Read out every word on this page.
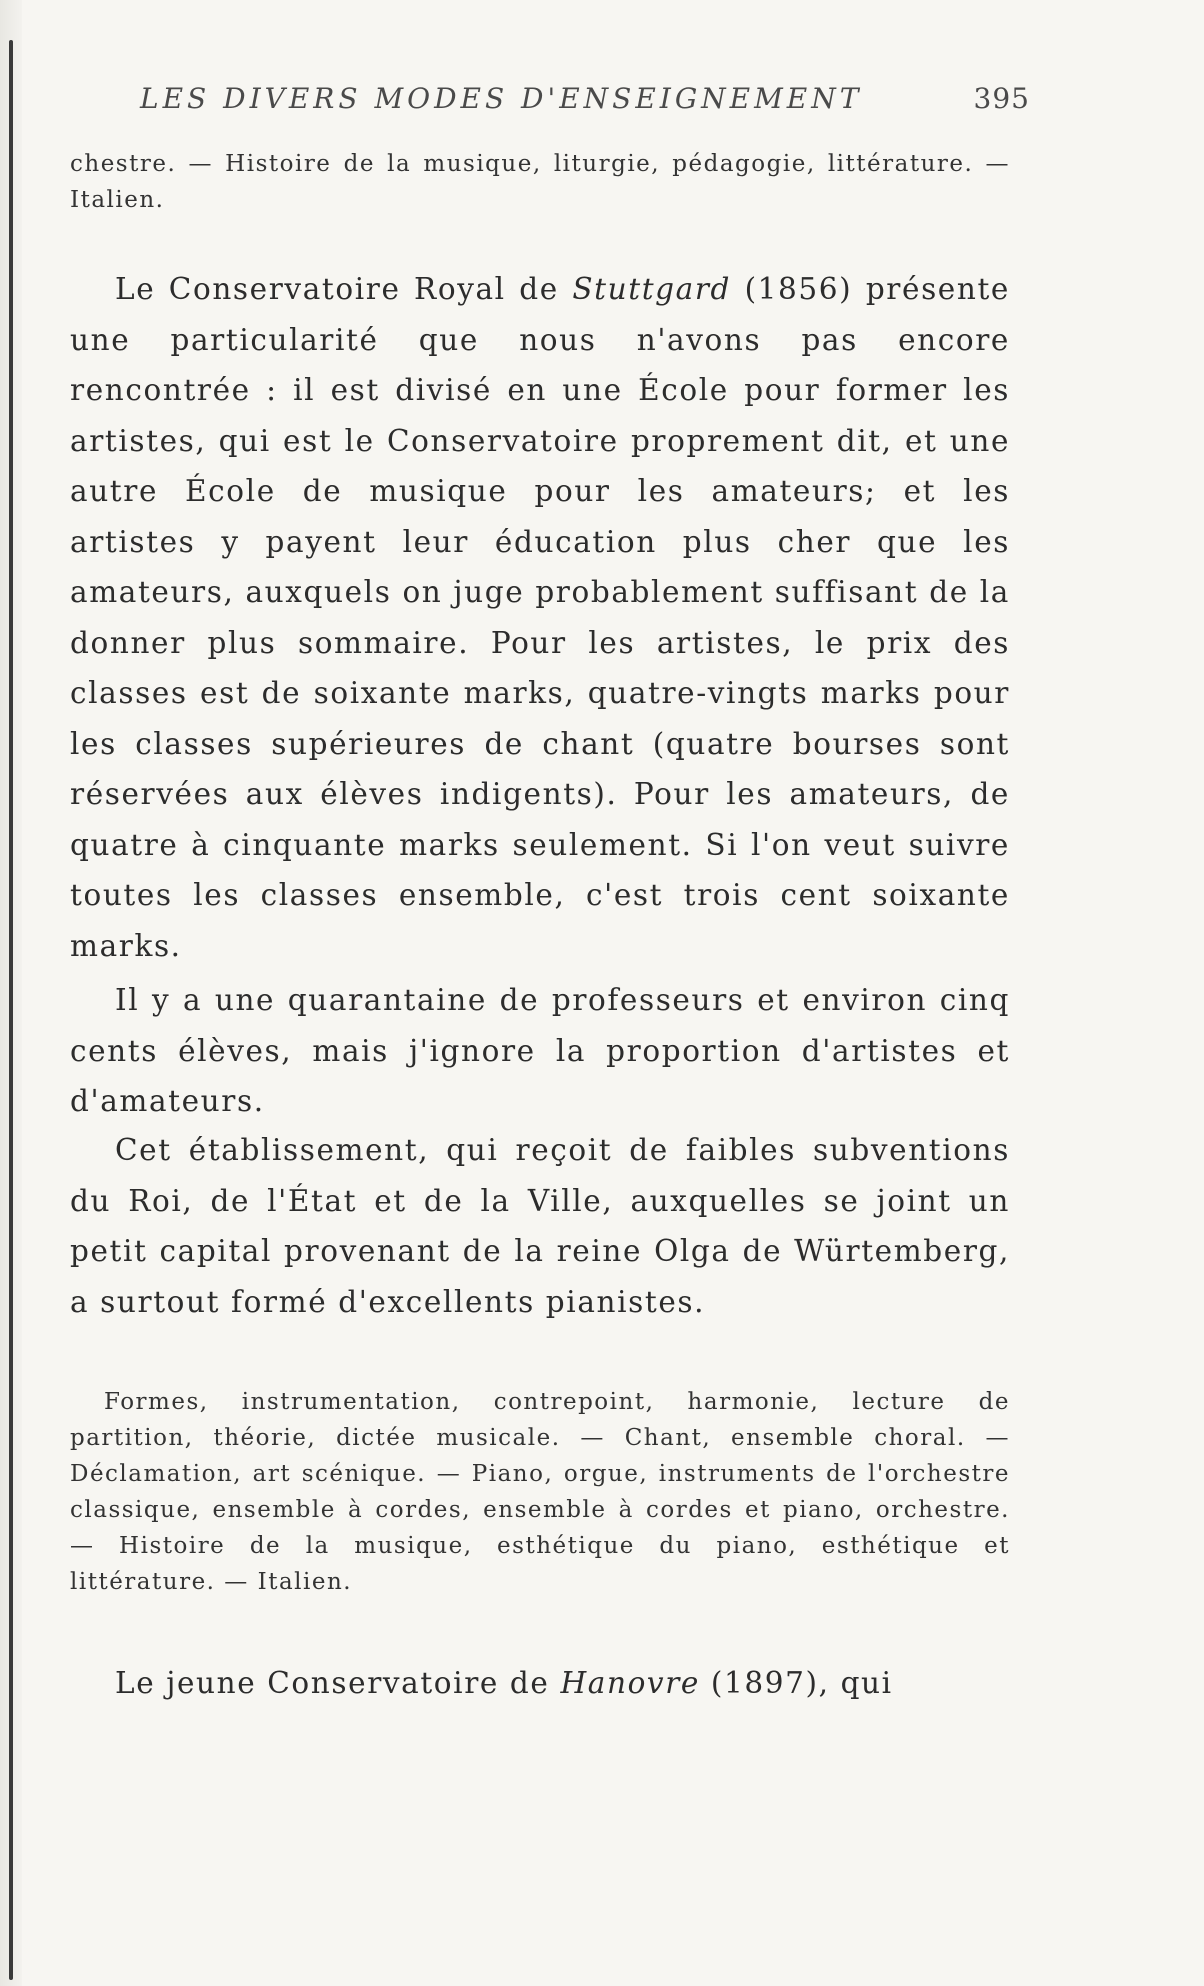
LES DIVERS MODES D'ENSEIGNEMENT	395

chestre. — Histoire de la musique, liturgie, pédagogie, littérature. — Italien.

Le Conservatoire Royal de Stuttgard (1856) présente une particularité que nous n'avons pas encore rencontrée : il est divisé en une École pour former les artistes, qui est le Conservatoire proprement dit, et une autre École de musique pour les amateurs; et les artistes y payent leur éducation plus cher que les amateurs, auxquels on juge probablement suffisant de la donner plus sommaire. Pour les artistes, le prix des classes est de soixante marks, quatre-vingts marks pour les classes supérieures de chant (quatre bourses sont réservées aux élèves indigents). Pour les amateurs, de quatre à cinquante marks seulement. Si l'on veut suivre toutes les classes ensemble, c'est trois cent soixante marks.

Il y a une quarantaine de professeurs et environ cinq cents élèves, mais j'ignore la proportion d'artistes et d'amateurs.

Cet établissement, qui reçoit de faibles subventions du Roi, de l'État et de la Ville, auxquelles se joint un petit capital provenant de la reine Olga de Würtemberg, a surtout formé d'excellents pianistes.

Formes, instrumentation, contrepoint, harmonie, lecture de partition, théorie, dictée musicale. — Chant, ensemble choral. — Déclamation, art scénique. — Piano, orgue, instruments de l'orchestre classique, ensemble à cordes, ensemble à cordes et piano, orchestre. — Histoire de la musique, esthétique du piano, esthétique et littérature. — Italien.

Le jeune Conservatoire de Hanovre (1897), qui
